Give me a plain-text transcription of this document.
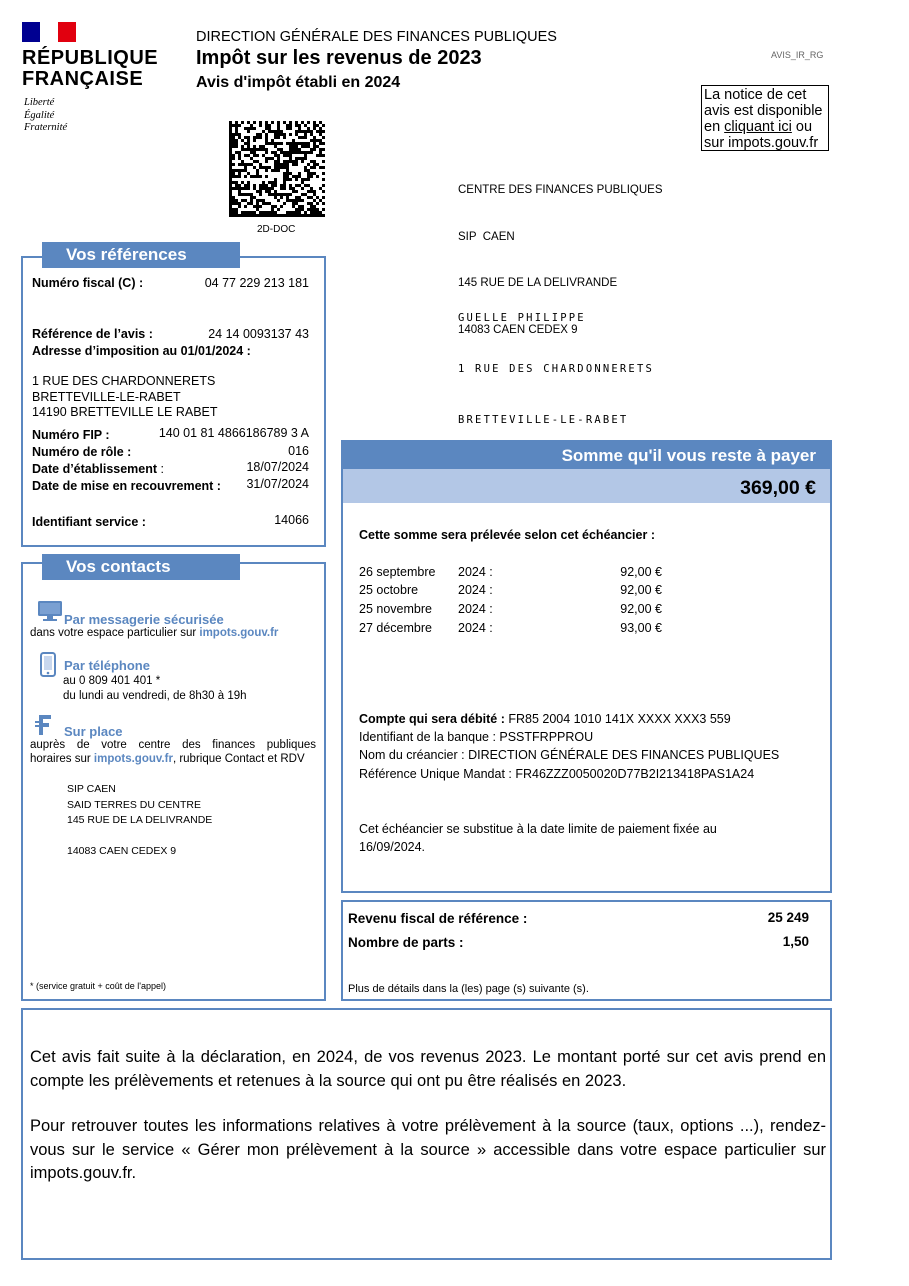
RÉPUBLIQUE
FRANÇAISE
Liberté
Égalité
Fraternité
DIRECTION GÉNÉRALE DES FINANCES PUBLIQUES
Impôt sur les revenus de 2023
Avis d'impôt établi en 2024
AVIS_IR_RG
La notice de cet
avis est disponible
en cliquant ici ou
sur impots.gouv.fr
2D-DOC

CENTRE DES FINANCES PUBLIQUES

SIP  CAEN

145 RUE DE LA DELIVRANDE

14083 CAEN CEDEX 9

GUELLE PHILIPPE

1 RUE DES CHARDONNERETS

BRETTEVILLE-LE-RABET

Vos références
Numéro fiscal (C) :	04 77 229 213 181
Référence de l’avis :	24 14 0093137 43
Adresse d’imposition au 01/01/2024 :
1 RUE DES CHARDONNERETS
BRETTEVILLE-LE-RABET
14190 BRETTEVILLE LE RABET
Numéro FIP :	140 01 81 4866186789 3 A
Numéro de rôle :	016
Date d’établissement :	18/07/2024
Date de mise en recouvrement :	31/07/2024
Identifiant service :	14066
Vos contacts
Par messagerie sécurisée
dans votre espace particulier sur impots.gouv.fr
Par téléphone
au 0 809 401 401 *
du lundi au vendredi, de 8h30 à 19h
Sur place
auprès de votre centre des finances publiques
horaires sur impots.gouv.fr, rubrique Contact et RDV
SIP CAEN
SAID TERRES DU CENTRE
145 RUE DE LA DELIVRANDE
14083 CAEN CEDEX 9
* (service gratuit + coût de l'appel)
Somme qu'il vous reste à payer
369,00 €
Cette somme sera prélevée selon cet échéancier :
26 septembre 2024 :	92,00 €
25 octobre	2024 :	92,00 €
25 novembre 2024 :	92,00 €
27 décembre 2024 :	93,00 €
Compte qui sera débité : FR85 2004 1010 141X XXXX XXX3 559
Identifiant de la banque : PSSTFRPPROU
Nom du créancier : DIRECTION GÉNÉRALE DES FINANCES PUBLIQUES
Référence Unique Mandat : FR46ZZZ0050020D77B2I213418PAS1A24
Cet échéancier se substitue à la date limite de paiement fixée au
16/09/2024.
Revenu fiscal de référence :	25 249
Nombre de parts :	1,50
Plus de détails dans la (les) page (s) suivante (s).
Cet avis fait suite à la déclaration, en 2024, de vos revenus 2023. Le montant porté sur cet avis prend en compte les prélèvements et retenues à la source qui ont pu être réalisés en 2023.
Pour retrouver toutes les informations relatives à votre prélèvement à la source (taux, options ...), rendez-vous sur le service « Gérer mon prélèvement à la source » accessible dans votre espace particulier sur impots.gouv.fr.
